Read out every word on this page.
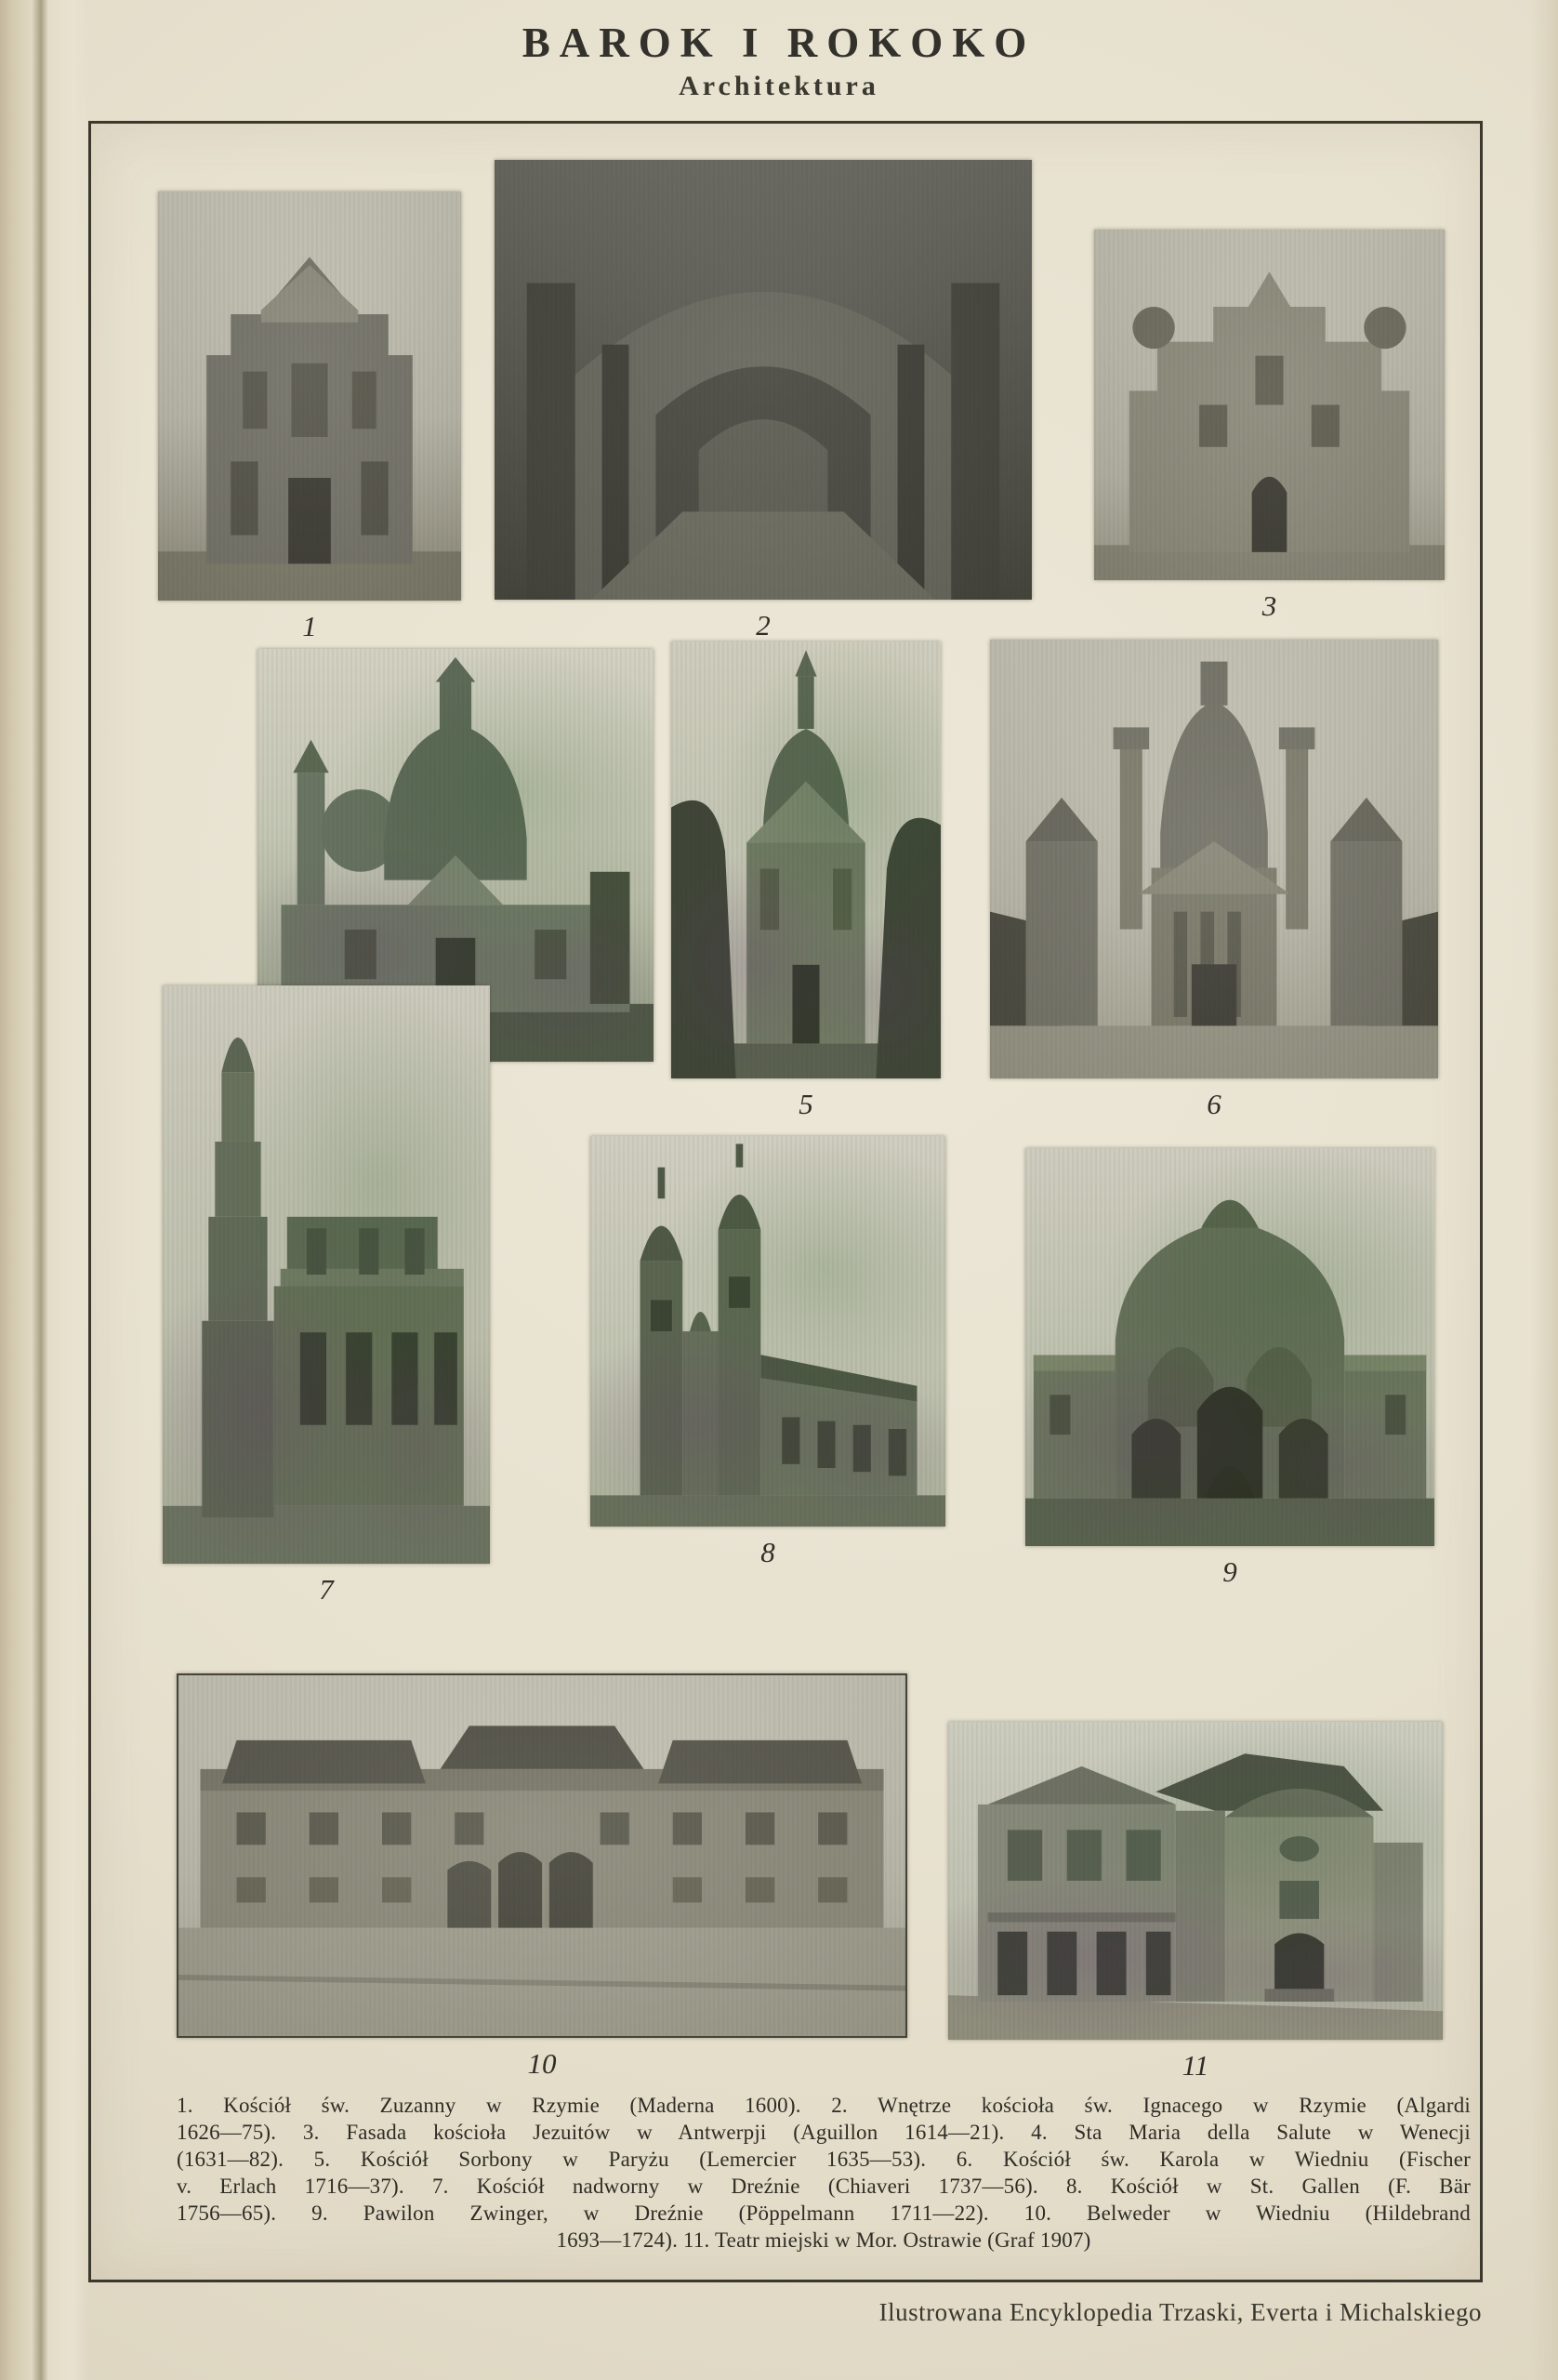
BAROK I ROKOKO
Architektura
1	2
3
5	6
7
8
9
10	11
1. Kościół św. Zuzanny w Rzymie (Maderna 1600). 2. Wnętrze kościoła św. Ignacego w Rzymie (Algardi
1626—75). 3. Fasada kościoła Jezuitów w Antwerpji (Aguillon 1614—21). 4. Sta Maria della Salute w Wenecji
(1631—82). 5. Kościół Sorbony w Paryżu (Lemercier 1635—53). 6. Kościół św. Karola w Wiedniu (Fischer
v. Erlach 1716—37). 7. Kościół nadworny w Dreźnie (Chiaveri 1737—56). 8. Kościół w St. Gallen (F. Bär
1756—65). 9. Pawilon Zwinger, w Dreźnie (Pöppelmann 1711—22). 10. Belweder w Wiedniu (Hildebrand
1693—1724). 11. Teatr miejski w Mor. Ostrawie (Graf 1907)
Ilustrowana Encyklopedia Trzaski, Everta i Michalskiego
